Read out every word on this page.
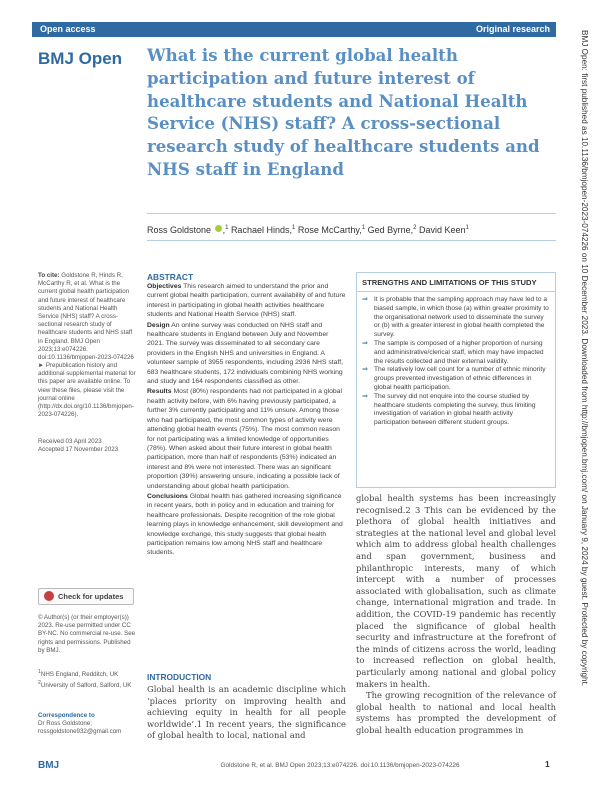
Open access	Original research
BMJ Open What is the current global health participation and future interest of healthcare students and National Health Service (NHS) staff? A cross-sectional research study of healthcare students and NHS staff in England
Ross Goldstone ,$^1$ Rachael Hinds,$^1$ Rose McCarthy,$^1$ Ged Byrne,$^2$ David Keen$^1$
To cite: Goldstone R, Hinds R, McCarthy R, et al. What is the current global health participation and future interest of healthcare students and National Health Service (NHS) staff? A cross-sectional research study of healthcare students and NHS staff in England. BMJ Open 2023;13:e074226. doi:10.1136/bmjopen-2023-074226
► Prepublication history and additional supplemental material for this paper are available online. To view these files, please visit the journal online (http://dx.doi.org/10.1136/bmjopen-2023-074226).
Received 03 April 2023
Accepted 17 November 2023
Check for updates
© Author(s) (or their employer(s)) 2023. Re-use permitted under CC BY-NC. No commercial re-use. See rights and permissions. Published by BMJ.
$^1$NHS England, Redditch, UK
$^2$University of Salford, Salford, UK
Correspondence to
Dr Ross Goldstone;
rossgoldstone932@gmail.com
ABSTRACT

Objectives This research aimed to understand the prior and current global health participation, current availability of and future interest in participating in global health activities healthcare students and National Health Service (NHS) staff.

Design An online survey was conducted on NHS staff and healthcare students in England between July and November 2021. The survey was disseminated to all secondary care providers in the English NHS and universities in England. A volunteer sample of 3955 respondents, including 2936 NHS staff, 683 healthcare students, 172 individuals combining NHS working and study and 164 respondents classified as other.

Results Most (80%) respondents had not participated in a global health activity before, with 6% having previously participated, a further 3% currently participating and 11% unsure. Among those who had participated, the most common types of activity were attending global health events (75%). The most common reason for not participating was a limited knowledge of opportunities (78%). When asked about their future interest in global health participation, more than half of respondents (53%) indicated an interest and 8% were not interested. There was an significant proportion (39%) answering unsure, indicating a possible lack of understanding about global health participation.

Conclusions Global health has gathered increasing significance in recent years, both in policy and in education and training for healthcare professionals. Despite recognition of the role global learning plays in knowledge enhancement, skill development and knowledge exchange, this study suggests that global health participation remains low among NHS staff and healthcare students.

INTRODUCTION
Global health is an academic discipline which ‘places priority on improving health and achieving equity in health for all people worldwide’.1 In recent years, the significance of global health to local, national and
STRENGTHS AND LIMITATIONS OF THIS STUDY
⇒ It is probable that the sampling approach may have led to a biased sample, in which those (a) within greater proximity to the organisational network used to disseminate the survey or (b) with a greater interest in global health completed the survey.
⇒ The sample is composed of a higher proportion of nursing and administrative/clerical staff, which may have impacted the results collected and their external validity.
⇒ The relatively low cell count for a number of ethnic minority groups prevented investigation of ethnic differences in global health participation.
⇒ The survey did not enquire into the course studied by healthcare students completing the survey, thus limiting investigation of variation in global health activity participation between different student groups.

global health systems has been increasingly recognised.2 3 This can be evidenced by the plethora of global health initiatives and strategies at the national level and global level which aim to address global health challenges and span government, business and philanthropic interests, many of which intercept with a number of processes associated with globalisation, such as climate change, international migration and trade. In addition, the COVID-19 pandemic has recently placed the significance of global health security and infrastructure at the forefront of the minds of citizens across the world, leading to increased reflection on global health, particularly among national and global policy makers in health.

The growing recognition of the relevance of global health to national and local health systems has prompted the development of global health education programmes in

BMJ Open: first published as 10.1136/bmjopen-2023-074226 on 10 December 2023. Downloaded from http://bmjopen.bmj.com/ on January 9, 2024 by guest. Protected by copyright.
BMJ	Goldstone R, et al. BMJ Open 2023;13:e074226. doi:10.1136/bmjopen-2023-074226	1
